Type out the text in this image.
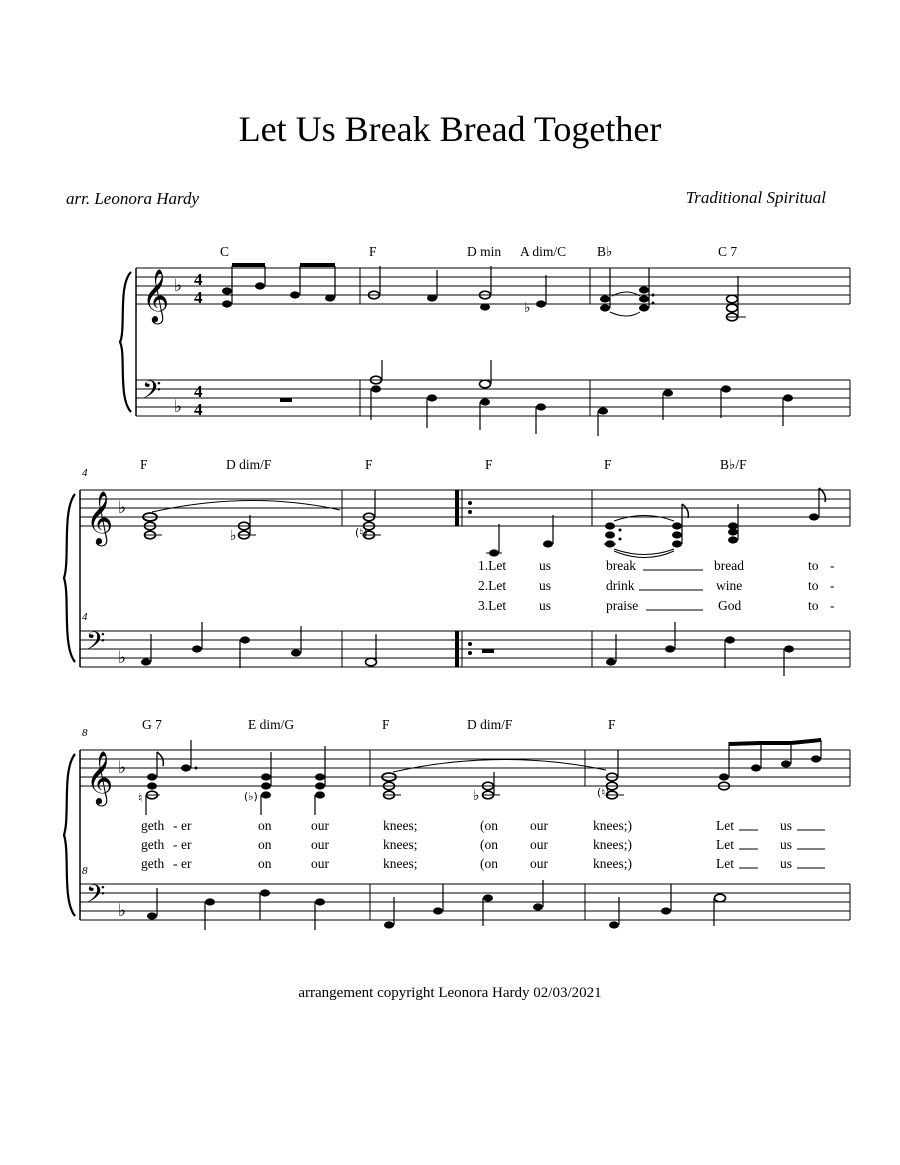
Let Us Break Bread Together
arr. Leonora Hardy	Traditional Spiritual
𝄞
𝄢
♭
♭
4
4
4
4
♭
C	F	D min A dim/C B♭	C 7
4
4
𝄞
𝄢
♭
♭
♭	(♮)
F	D dim/F	F	F	F	B♭/F
1.Let us	break	bread	to -
2.Let us	drink	wine	to -
3.Let us	praise	God	to -
8
8
𝄞
𝄢
♭
♭
♮	(♭)	♭	(♮)
G 7	E dim/G	F	D dim/F	F
geth - er	on	our	knees;	(on our	knees;)	Let	us
geth - er	on	our	knees;	(on our	knees;)	Let	us
geth - er	on	our	knees;	(on our	knees;)	Let	us
arrangement copyright Leonora Hardy 02/03/2021
